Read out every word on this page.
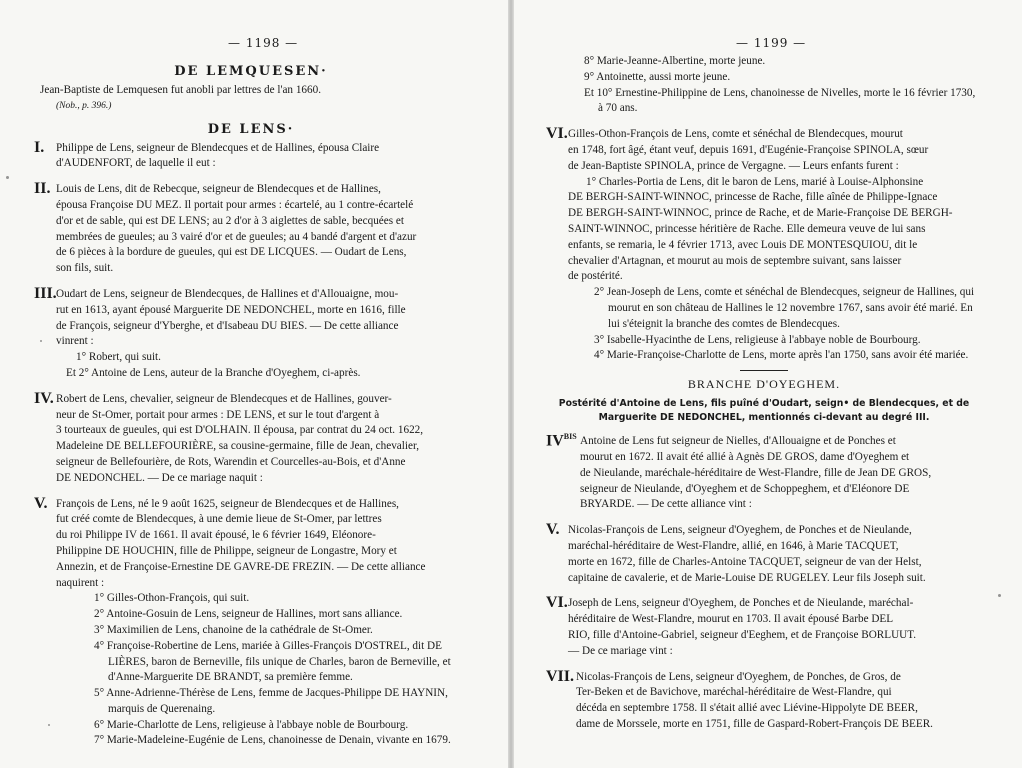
— 1198 —

DE LEMQUESEN·

Jean-Baptiste de Lemquesen fut anobli par lettres de l'an 1660.

(Nob., p. 396.)

DE LENS·

I. Philippe de Lens, seigneur de Blendecques et de Hallines, épousa Claire

d'AUDENFORT, de laquelle il eut :

II. Louis de Lens, dit de Rebecque, seigneur de Blendecques et de Hallines,

épousa Françoise DU MEZ. Il portait pour armes : écartelé, au 1 contre-écartelé

d'or et de sable, qui est DE LENS; au 2 d'or à 3 aiglettes de sable, becquées et

membrées de gueules; au 3 vairé d'or et de gueules; au 4 bandé d'argent et d'azur

de 6 pièces à la bordure de gueules, qui est DE LICQUES. — Oudart de Lens,

son fils, suit.

III. Oudart de Lens, seigneur de Blendecques, de Hallines et d'Allouaigne, mou-

rut en 1613, ayant épousé Marguerite DE NEDONCHEL, morte en 1616, fille

de François, seigneur d'Yberghe, et d'Isabeau DU BIES. — De cette alliance

vinrent :

1° Robert, qui suit.

Et 2° Antoine de Lens, auteur de la Branche d'Oyeghem, ci-après.

IV. Robert de Lens, chevalier, seigneur de Blendecques et de Hallines, gouver-

neur de St-Omer, portait pour armes : DE LENS, et sur le tout d'argent à

3 tourteaux de gueules, qui est D'OLHAIN. Il épousa, par contrat du 24 oct. 1622,

Madeleine DE BELLEFOURIÈRE, sa cousine-germaine, fille de Jean, chevalier,

seigneur de Bellefourière, de Rots, Warendin et Courcelles-au-Bois, et d'Anne

DE NEDONCHEL. — De ce mariage naquit :

V. François de Lens, né le 9 août 1625, seigneur de Blendecques et de Hallines,

fut créé comte de Blendecques, à une demie lieue de St-Omer, par lettres

du roi Philippe IV de 1661. Il avait épousé, le 6 février 1649, Eléonore-

Philippine DE HOUCHIN, fille de Philippe, seigneur de Longastre, Mory et

Annezin, et de Françoise-Ernestine DE GAVRE-DE FREZIN. — De cette alliance

naquirent :

1° Gilles-Othon-François, qui suit.

2° Antoine-Gosuin de Lens, seigneur de Hallines, mort sans alliance.

3° Maximilien de Lens, chanoine de la cathédrale de St-Omer.

4° Françoise-Robertine de Lens, mariée à Gilles-François D'OSTREL, dit DE LIÈRES, baron de Berneville, fils unique de Charles, baron de Berneville, et d'Anne-Marguerite DE BRANDT, sa première femme.

5° Anne-Adrienne-Thérèse de Lens, femme de Jacques-Philippe DE HAYNIN, marquis de Querenaing.

6° Marie-Charlotte de Lens, religieuse à l'abbaye noble de Bourbourg.

7° Marie-Madeleine-Eugénie de Lens, chanoinesse de Denain, vivante en 1679.

— 1199 —

8° Marie-Jeanne-Albertine, morte jeune.

9° Antoinette, aussi morte jeune.

Et 10° Ernestine-Philippine de Lens, chanoinesse de Nivelles, morte le 16 février 1730, à 70 ans.

VI. Gilles-Othon-François de Lens, comte et sénéchal de Blendecques, mourut

en 1748, fort âgé, étant veuf, depuis 1691, d'Eugénie-Françoise SPINOLA, sœur

de Jean-Baptiste SPINOLA, prince de Vergagne. — Leurs enfants furent :

1° Charles-Portia de Lens, dit le baron de Lens, marié à Louise-Alphonsine

DE BERGH-SAINT-WINNOC, princesse de Rache, fille aînée de Philippe-Ignace

DE BERGH-SAINT-WINNOC, prince de Rache, et de Marie-Françoise DE BERGH-

SAINT-WINNOC, princesse héritière de Rache. Elle demeura veuve de lui sans

enfants, se remaria, le 4 février 1713, avec Louis DE MONTESQUIOU, dit le

chevalier d'Artagnan, et mourut au mois de septembre suivant, sans laisser

de postérité.

2° Jean-Joseph de Lens, comte et sénéchal de Blendecques, seigneur de Hallines, qui mourut en son château de Hallines le 12 novembre 1767, sans avoir été marié. En lui s'éteignit la branche des comtes de Blendecques.

3° Isabelle-Hyacinthe de Lens, religieuse à l'abbaye noble de Bourbourg.

4° Marie-Françoise-Charlotte de Lens, morte après l'an 1750, sans avoir été mariée.

BRANCHE D'OYEGHEM.

Postérité d'Antoine de Lens, fils puîné d'Oudart, seign• de Blendecques, et de Marguerite DE NEDONCHEL, mentionnés ci-devant au degré III.

$IV^{BIS}$ Antoine de Lens fut seigneur de Nielles, d'Allouaigne et de Ponches et

mourut en 1672. Il avait été allié à Agnès DE GROS, dame d'Oyeghem et

de Nieulande, maréchale-héréditaire de West-Flandre, fille de Jean DE GROS,

seigneur de Nieulande, d'Oyeghem et de Schoppeghem, et d'Eléonore DE

BRYARDE. — De cette alliance vint :

V. Nicolas-François de Lens, seigneur d'Oyeghem, de Ponches et de Nieulande,

maréchal-héréditaire de West-Flandre, allié, en 1646, à Marie TACQUET,

morte en 1672, fille de Charles-Antoine TACQUET, seigneur de van der Helst,

capitaine de cavalerie, et de Marie-Louise DE RUGELEY. Leur fils Joseph suit.

VI. Joseph de Lens, seigneur d'Oyeghem, de Ponches et de Nieulande, maréchal-

héréditaire de West-Flandre, mourut en 1703. Il avait épousé Barbe DEL

RIO, fille d'Antoine-Gabriel, seigneur d'Eeghem, et de Françoise BORLUUT.

— De ce mariage vint :

VII. Nicolas-François de Lens, seigneur d'Oyeghem, de Ponches, de Gros, de

Ter-Beken et de Bavichove, maréchal-héréditaire de West-Flandre, qui

décéda en septembre 1758. Il s'était allié avec Liévine-Hippolyte DE BEER,

dame de Morssele, morte en 1751, fille de Gaspard-Robert-François DE BEER.
